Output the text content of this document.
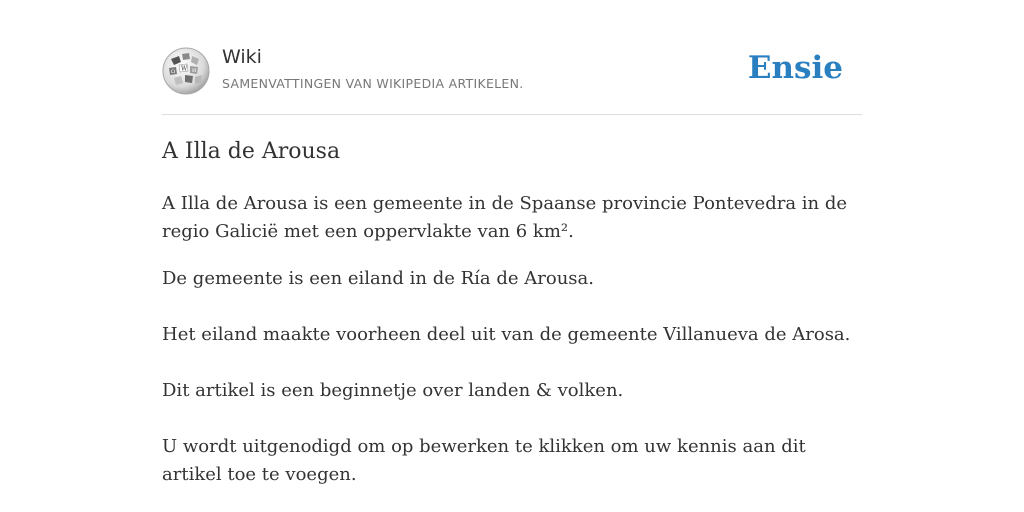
W
Ω	И
Wiki
SAMENVATTINGEN VAN WIKIPEDIA ARTIKELEN.	Ensie
A Illa de Arousa

A Illa de Arousa is een gemeente in de Spaanse provincie Pontevedra in de regio Galicië met een oppervlakte van 6 km².

De gemeente is een eiland in de Ría de Arousa.

Het eiland maakte voorheen deel uit van de gemeente Villanueva de Arosa.

Dit artikel is een beginnetje over landen & volken.

U wordt uitgenodigd om op bewerken te klikken om uw kennis aan dit artikel toe te voegen.
